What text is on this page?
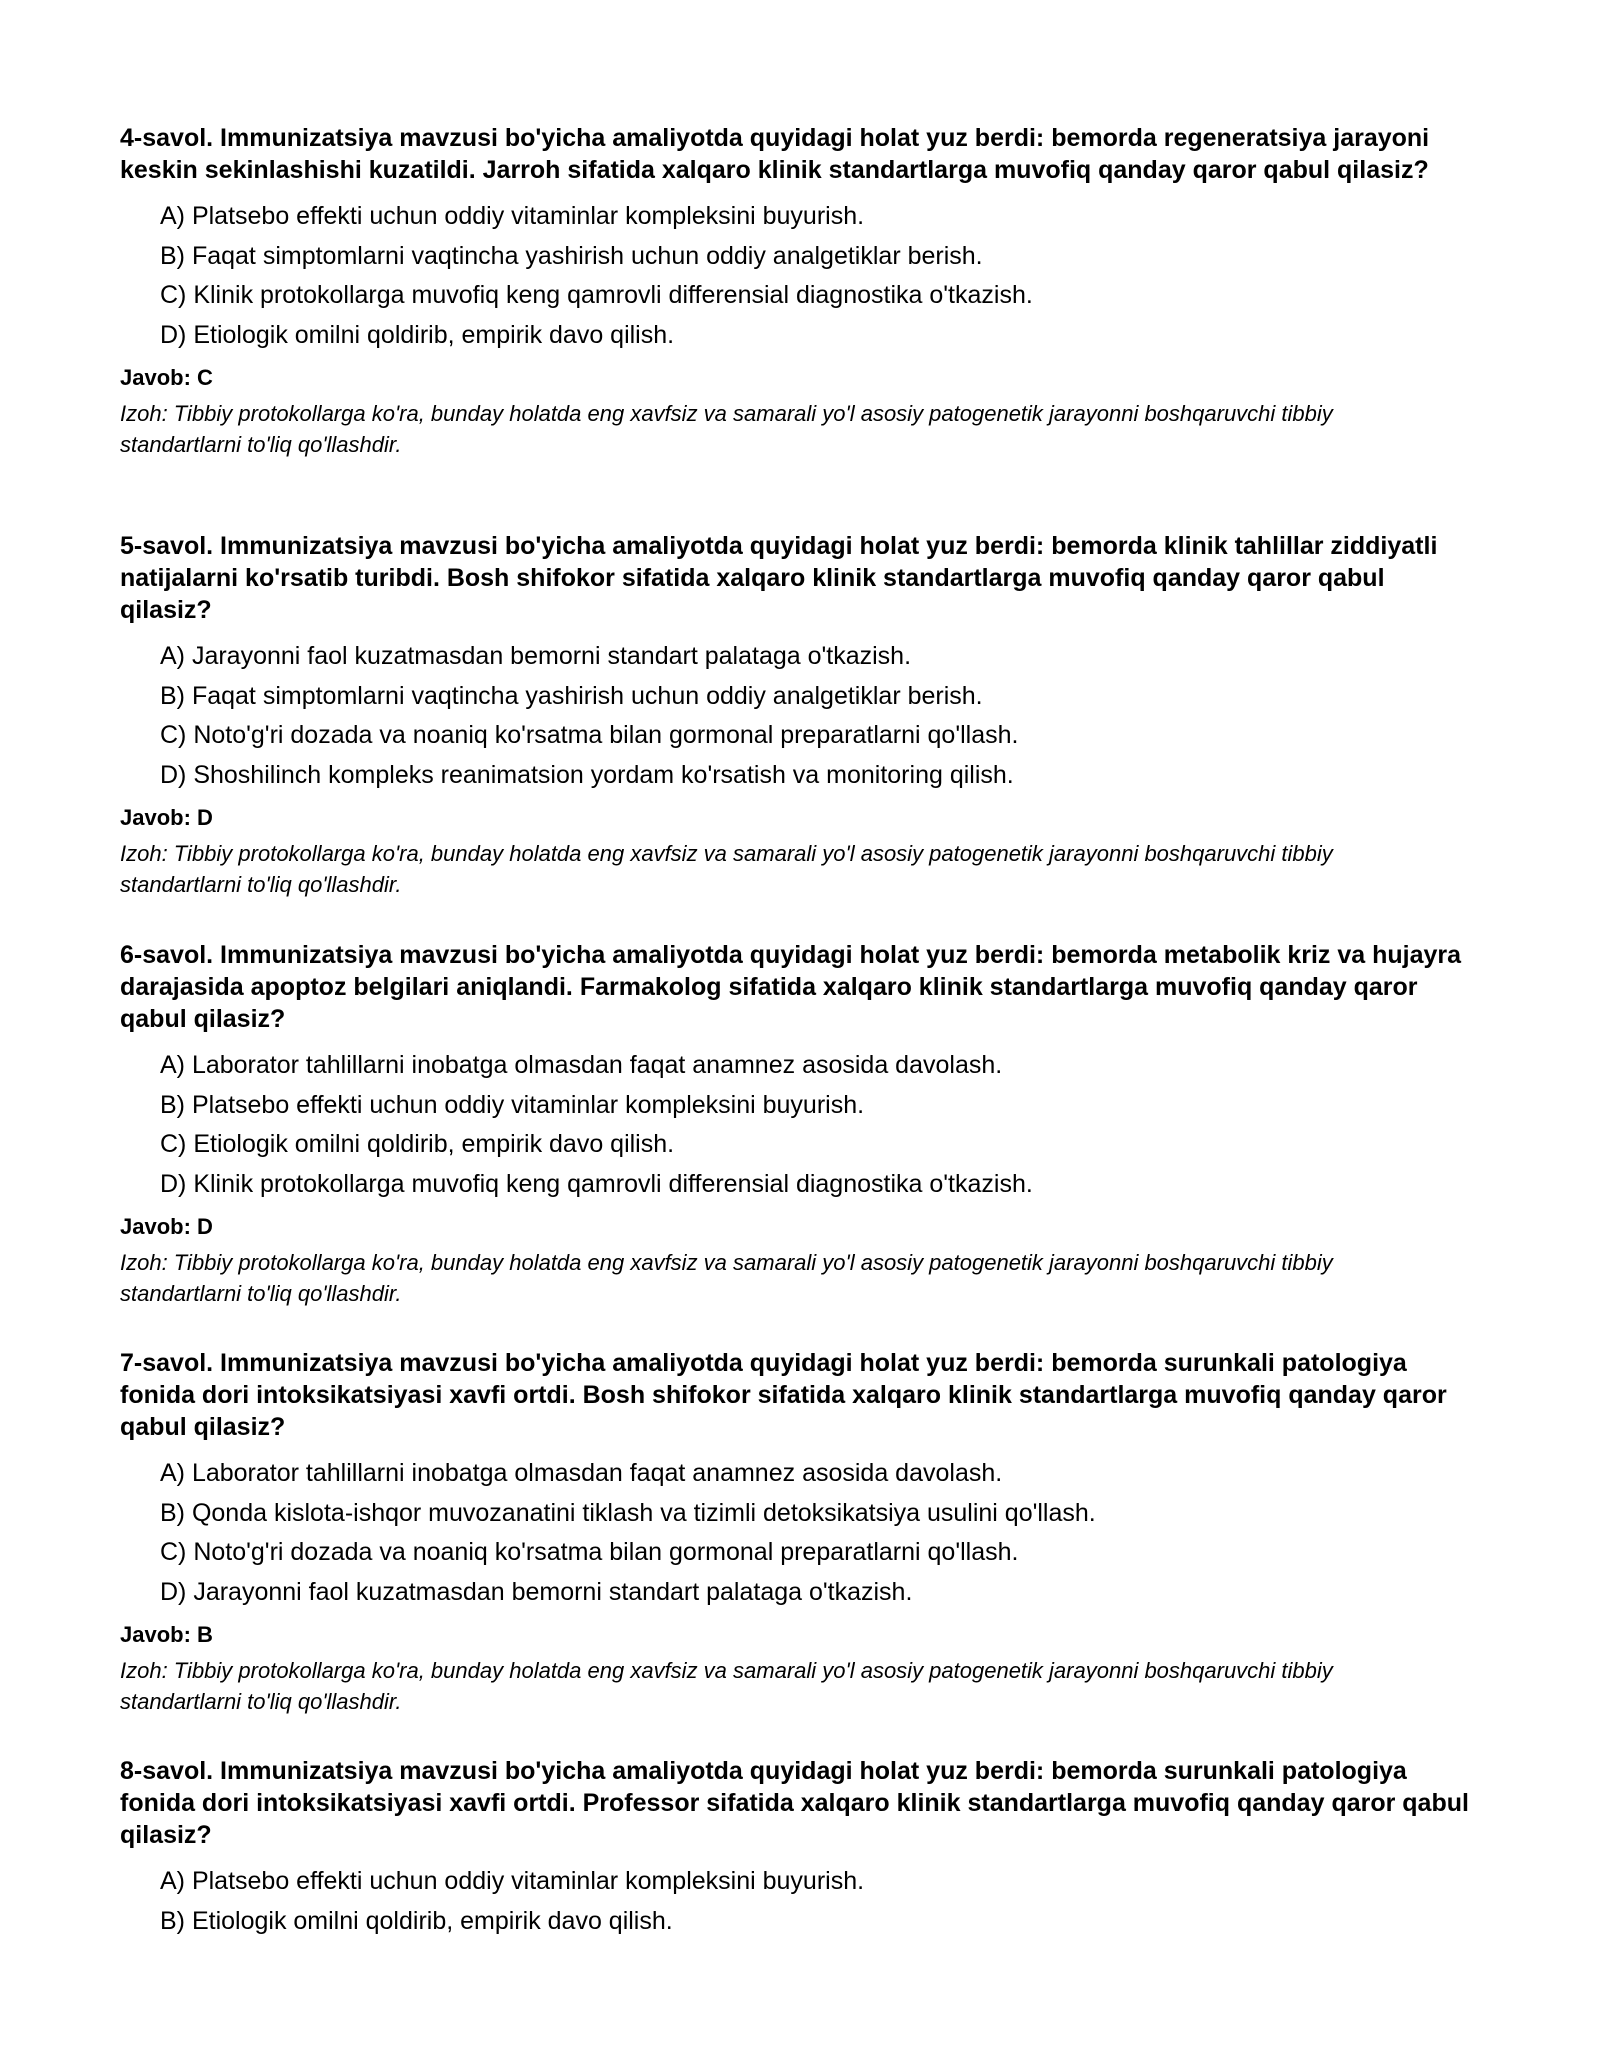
4-savol. Immunizatsiya mavzusi bo'yicha amaliyotda quyidagi holat yuz berdi: bemorda regeneratsiya jarayoni keskin sekinlashishi kuzatildi. Jarroh sifatida xalqaro klinik standartlarga muvofiq qanday qaror qabul qilasiz?

A) Platsebo effekti uchun oddiy vitaminlar kompleksini buyurish.
B) Faqat simptomlarni vaqtincha yashirish uchun oddiy analgetiklar berish.
C) Klinik protokollarga muvofiq keng qamrovli differensial diagnostika o'tkazish.
D) Etiologik omilni qoldirib, empirik davo qilish.
Javob: C
Izoh: Tibbiy protokollarga ko'ra, bunday holatda eng xavfsiz va samarali yo'l asosiy patogenetik jarayonni boshqaruvchi tibbiy standartlarni to'liq qo'llashdir.

5-savol. Immunizatsiya mavzusi bo'yicha amaliyotda quyidagi holat yuz berdi: bemorda klinik tahlillar ziddiyatli natijalarni ko'rsatib turibdi. Bosh shifokor sifatida xalqaro klinik standartlarga muvofiq qanday qaror qabul qilasiz?

A) Jarayonni faol kuzatmasdan bemorni standart palataga o'tkazish.
B) Faqat simptomlarni vaqtincha yashirish uchun oddiy analgetiklar berish.
C) Noto'g'ri dozada va noaniq ko'rsatma bilan gormonal preparatlarni qo'llash.
D) Shoshilinch kompleks reanimatsion yordam ko'rsatish va monitoring qilish.
Javob: D
Izoh: Tibbiy protokollarga ko'ra, bunday holatda eng xavfsiz va samarali yo'l asosiy patogenetik jarayonni boshqaruvchi tibbiy standartlarni to'liq qo'llashdir.

6-savol. Immunizatsiya mavzusi bo'yicha amaliyotda quyidagi holat yuz berdi: bemorda metabolik kriz va hujayra darajasida apoptoz belgilari aniqlandi. Farmakolog sifatida xalqaro klinik standartlarga muvofiq qanday qaror qabul qilasiz?

A) Laborator tahlillarni inobatga olmasdan faqat anamnez asosida davolash.
B) Platsebo effekti uchun oddiy vitaminlar kompleksini buyurish.
C) Etiologik omilni qoldirib, empirik davo qilish.
D) Klinik protokollarga muvofiq keng qamrovli differensial diagnostika o'tkazish.
Javob: D
Izoh: Tibbiy protokollarga ko'ra, bunday holatda eng xavfsiz va samarali yo'l asosiy patogenetik jarayonni boshqaruvchi tibbiy standartlarni to'liq qo'llashdir.

7-savol. Immunizatsiya mavzusi bo'yicha amaliyotda quyidagi holat yuz berdi: bemorda surunkali patologiya fonida dori intoksikatsiyasi xavfi ortdi. Bosh shifokor sifatida xalqaro klinik standartlarga muvofiq qanday qaror qabul qilasiz?

A) Laborator tahlillarni inobatga olmasdan faqat anamnez asosida davolash.
B) Qonda kislota-ishqor muvozanatini tiklash va tizimli detoksikatsiya usulini qo'llash.
C) Noto'g'ri dozada va noaniq ko'rsatma bilan gormonal preparatlarni qo'llash.
D) Jarayonni faol kuzatmasdan bemorni standart palataga o'tkazish.
Javob: B
Izoh: Tibbiy protokollarga ko'ra, bunday holatda eng xavfsiz va samarali yo'l asosiy patogenetik jarayonni boshqaruvchi tibbiy standartlarni to'liq qo'llashdir.

8-savol. Immunizatsiya mavzusi bo'yicha amaliyotda quyidagi holat yuz berdi: bemorda surunkali patologiya fonida dori intoksikatsiyasi xavfi ortdi. Professor sifatida xalqaro klinik standartlarga muvofiq qanday qaror qabul qilasiz?

A) Platsebo effekti uchun oddiy vitaminlar kompleksini buyurish.
B) Etiologik omilni qoldirib, empirik davo qilish.
